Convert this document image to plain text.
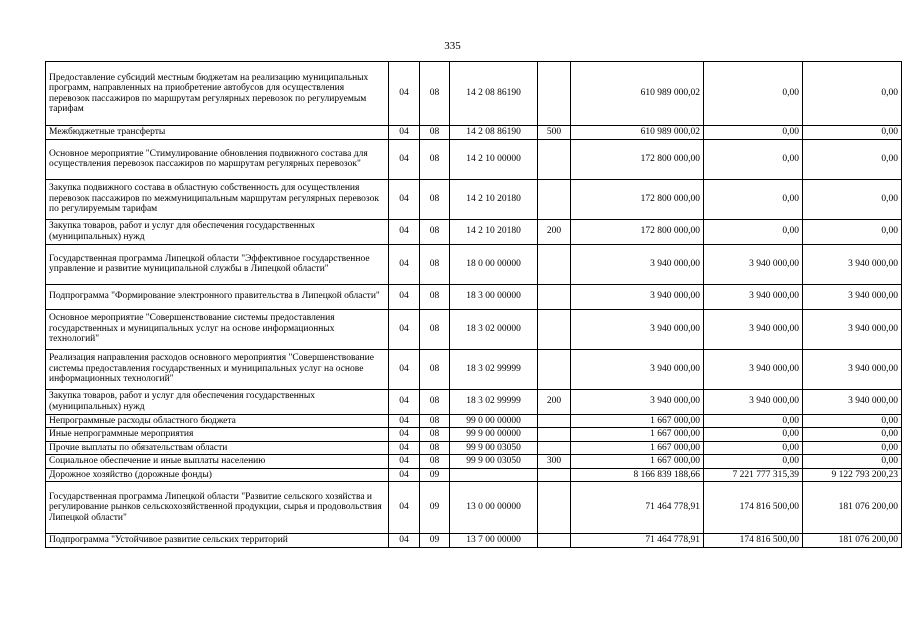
335
Предоставление субсидий местным бюджетам на реализацию муниципальных программ, направленных на приобретение автобусов для осуществления перевозок пассажиров по маршрутам регулярных перевозок по регулируемым тарифам	04	08	14 2 08 86190		610 989 000,02	0,00	0,00
Межбюджетные трансферты	04	08	14 2 08 86190	500	610 989 000,02	0,00	0,00
Основное мероприятие "Стимулирование обновления подвижного состава для осуществления перевозок пассажиров по маршрутам регулярных перевозок"	04	08	14 2 10 00000		172 800 000,00	0,00	0,00
Закупка подвижного состава в областную собственность для осуществления перевозок пассажиров по межмуниципальным маршрутам регулярных перевозок по регулируемым тарифам	04	08	14 2 10 20180		172 800 000,00	0,00	0,00
Закупка товаров, работ и услуг для обеспечения государственных (муниципальных) нужд	04	08	14 2 10 20180	200	172 800 000,00	0,00	0,00
Государственная программа Липецкой области "Эффективное государственное управление и развитие муниципальной службы в Липецкой области"	04	08	18 0 00 00000		3 940 000,00	3 940 000,00	3 940 000,00
Подпрограмма "Формирование электронного правительства в Липецкой области"	04	08	18 3 00 00000		3 940 000,00	3 940 000,00	3 940 000,00
Основное мероприятие "Совершенствование системы предоставления государственных и муниципальных услуг на основе информационных технологий"	04	08	18 3 02 00000		3 940 000,00	3 940 000,00	3 940 000,00
Реализация направления расходов основного мероприятия "Совершенствование системы предоставления государственных и муниципальных услуг на основе информационных технологий"	04	08	18 3 02 99999		3 940 000,00	3 940 000,00	3 940 000,00
Закупка товаров, работ и услуг для обеспечения государственных (муниципальных) нужд	04	08	18 3 02 99999	200	3 940 000,00	3 940 000,00	3 940 000,00
Непрограммные расходы областного бюджета	04	08	99 0 00 00000		1 667 000,00	0,00	0,00
Иные непрограммные мероприятия	04	08	99 9 00 00000		1 667 000,00	0,00	0,00
Прочие выплаты по обязательствам области	04	08	99 9 00 03050		1 667 000,00	0,00	0,00
Социальное обеспечение и иные выплаты населению	04	08	99 9 00 03050	300	1 667 000,00	0,00	0,00
Дорожное хозяйство (дорожные фонды)	04	09			8 166 839 188,66	7 221 777 315,39	9 122 793 200,23
Государственная программа Липецкой области "Развитие сельского хозяйства и регулирование рынков сельскохозяйственной продукции, сырья и продовольствия Липецкой области"	04	09	13 0 00 00000		71 464 778,91	174 816 500,00	181 076 200,00
Подпрограмма "Устойчивое развитие сельских территорий	04	09	13 7 00 00000		71 464 778,91	174 816 500,00	181 076 200,00
